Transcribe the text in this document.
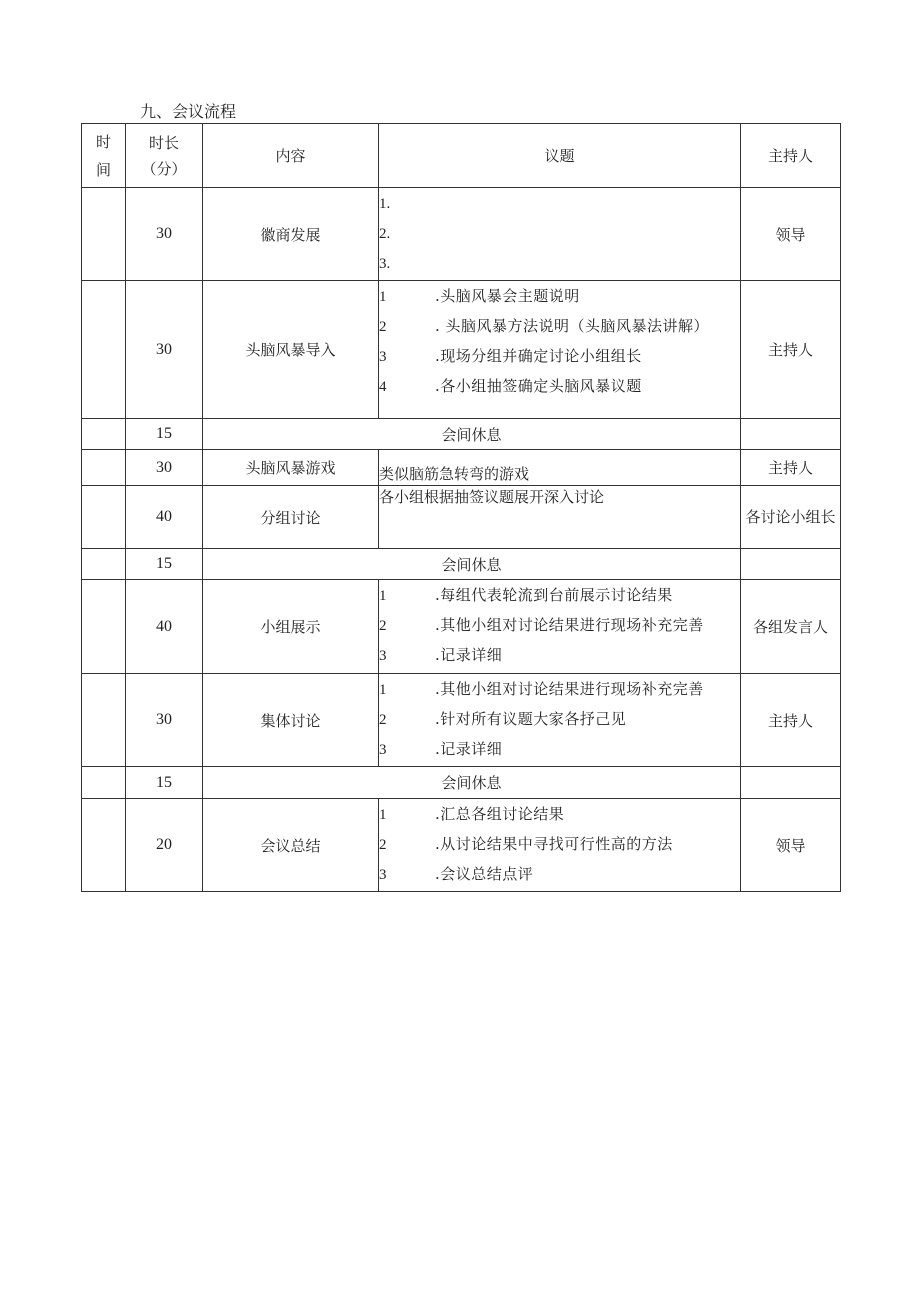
九、会议流程
时间	时长（分）	内容	议题	主持人
	30	徽商发展	1.
2.
3.	领导
	30	头脑风暴导入	1 .头脑风暴会主题说明
2 . 头脑风暴方法说明（头脑风暴法讲解）
3 .现场分组并确定讨论小组组长
4 .各小组抽签确定头脑风暴议题	主持人
	15	会间休息		
	30	头脑风暴游戏	类似脑筋急转弯的游戏	主持人
	40	分组讨论	各小组根据抽签议题展开深入讨论	各讨论小组长
	15	会间休息		
	40	小组展示	1 .每组代表轮流到台前展示讨论结果
2 .其他小组对讨论结果进行现场补充完善
3 .记录详细	各组发言人
	30	集体讨论	1 .其他小组对讨论结果进行现场补充完善
2 .针对所有议题大家各抒己见
3 .记录详细	主持人
	15	会间休息		
	20	会议总结	1 .汇总各组讨论结果
2 .从讨论结果中寻找可行性高的方法
3 .会议总结点评	领导
